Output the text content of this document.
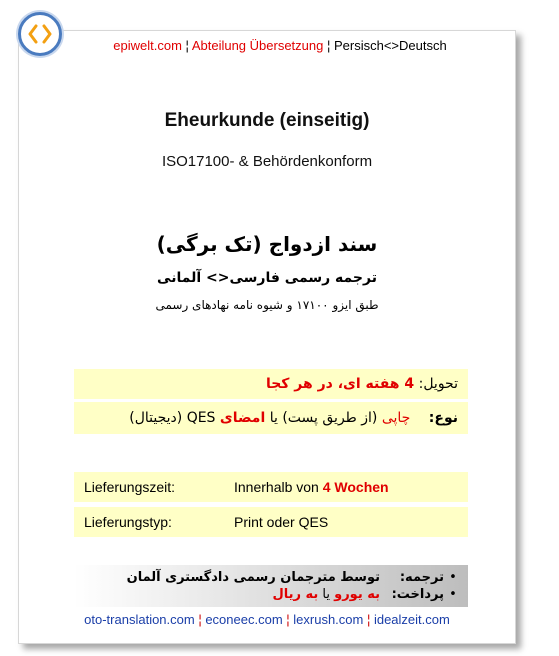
epiwelt.com ¦ Abteilung Übersetzung ¦ Persisch<>Deutsch
Eheurkunde (einseitig)
ISO17100- & Behördenkonform
سند ازدواج (تک برگی)
ترجمه رسمی فارسی<> آلمانی
طبق ایزو ۱۷۱۰۰ و شیوه نامه نهادهای رسمی
تحویل: 4 هفته ای، در هر کجا
نوع: چاپی (از طریق پست) یا امضای QES (دیجیتال)
Lieferungszeit:	Innerhalb von 4 Wochen
Lieferungstyp:	Print oder QES
•ترجمه:توسط مترجمان رسمی دادگستری آلمان
•پرداخت:به یورو یا به ریال
oto-translation.com ¦ econeec.com ¦ lexrush.com ¦ idealzeit.com
